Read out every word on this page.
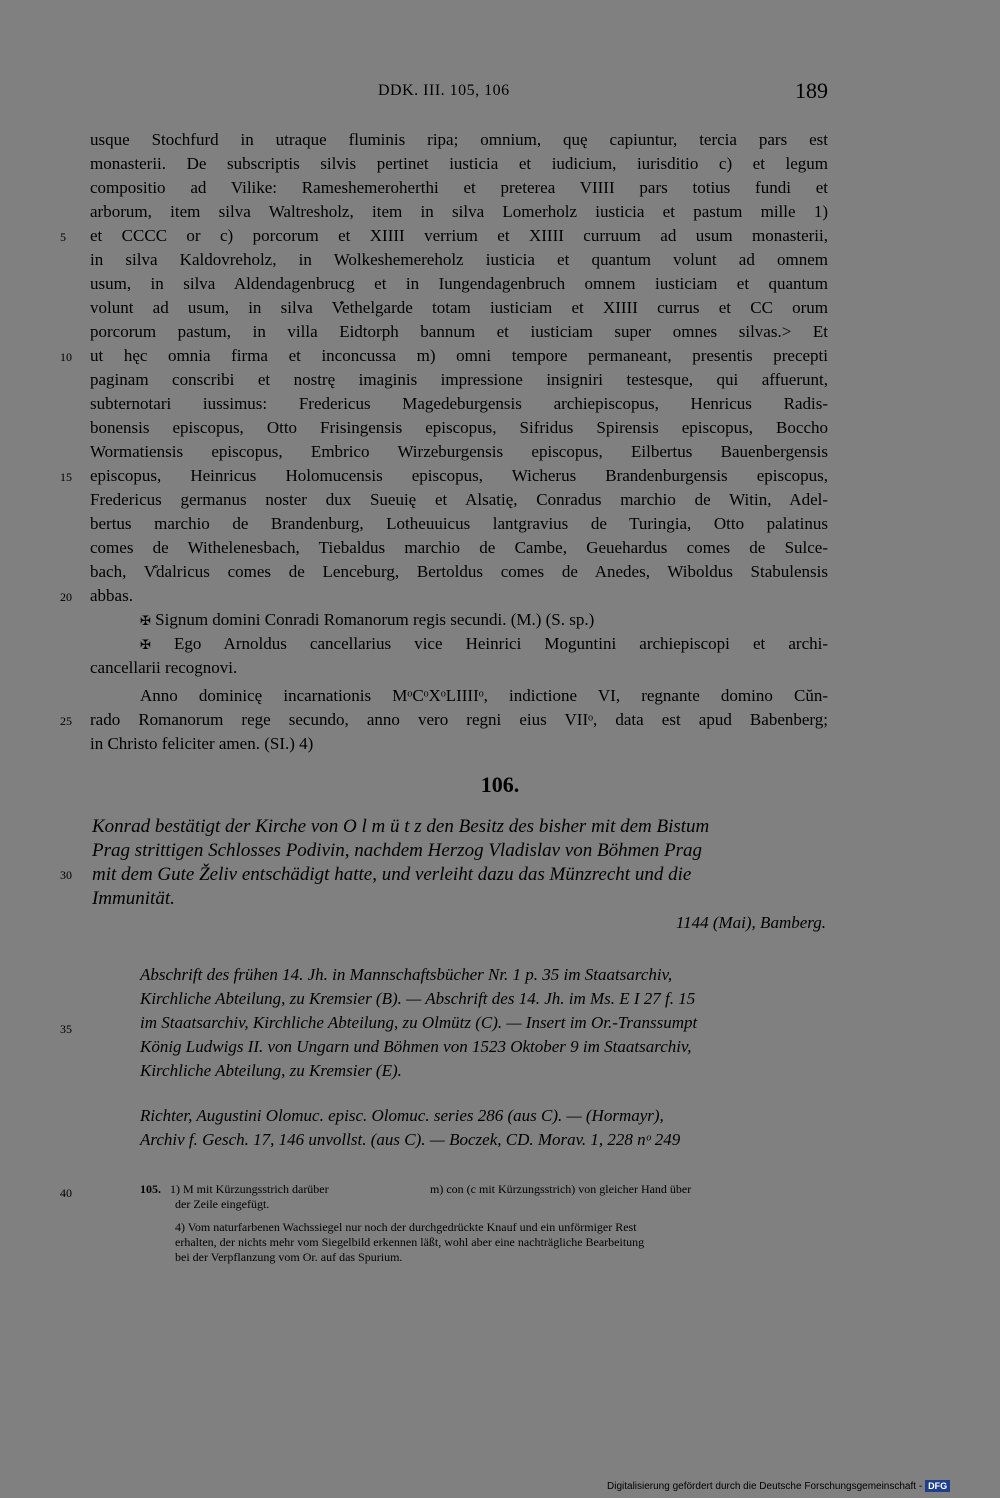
DDK. III. 105, 106	189
usque Stochfurd in utraque fluminis ripa; omnium, quę capiuntur, tercia pars est
monasterii. De subscriptis silvis pertinet iusticia et iudicium, iurisditio c) et legum
compositio ad Vilike: Rameshemeroherthi et preterea VIIII pars totius fundi et
arborum, item silva Waltresholz, item in silva Lomerholz iusticia et pastum mille 1)
et CCCC or c) porcorum et XIIII verrium et XIIII curruum ad usum monasterii,
in silva Kaldovreholz, in Wolkeshemereholz iusticia et quantum volunt ad omnem
usum, in silva Aldendagenbrucg et in Iungendagenbruch omnem iusticiam et quantum
volunt ad usum, in silva V̊ethelgarde totam iusticiam et XIIII currus et CC orum
porcorum pastum, in villa Eidtorph bannum et iusticiam super omnes silvas.> Et
ut hęc omnia firma et inconcussa m) omni tempore permaneant, presentis precepti
paginam conscribi et nostrę imaginis impressione insigniri testesque, qui affuerunt,
subternotari iussimus: Fredericus Magedeburgensis archiepiscopus, Henricus Radis-
bonensis episcopus, Otto Frisingensis episcopus, Sifridus Spirensis episcopus, Boccho
Wormatiensis episcopus, Embrico Wirzeburgensis episcopus, Eilbertus Bauenbergensis
episcopus, Heinricus Holomucensis episcopus, Wicherus Brandenburgensis episcopus,
Fredericus germanus noster dux Sueuię et Alsatię, Conradus marchio de Witin, Adel-
bertus marchio de Brandenburg, Lotheuuicus lantgravius de Turingia, Otto palatinus
comes de Withelenesbach, Tiebaldus marchio de Cambe, Geuehardus comes de Sulce-
bach, V̊dalricus comes de Lenceburg, Bertoldus comes de Anedes, Wiboldus Stabulensis
abbas.
✠ Signum domini Conradi Romanorum regis secundi. (M.) (S. sp.)
✠ Ego Arnoldus cancellarius vice Heinrici Moguntini archiepiscopi et archi-
cancellarii recognovi.
Anno dominicę incarnationis MᵒCᵒXᵒLIIIIᵒ, indictione VI, regnante domino Cŭn-
rado Romanorum rege secundo, anno vero regni eius VIIᵒ, data est apud Babenberg;
in Christo feliciter amen. (SI.) 4)
5
10
15
20
25
30
35
40
106.
Konrad bestätigt der Kirche von O l m ü t z den Besitz des bisher mit dem Bistum
Prag strittigen Schlosses Podivin, nachdem Herzog Vladislav von Böhmen Prag
mit dem Gute Želiv entschädigt hatte, und verleiht dazu das Münzrecht und die
Immunität.
1144 (Mai), Bamberg.
Abschrift des frühen 14. Jh. in Mannschaftsbücher Nr. 1 p. 35 im Staatsarchiv,
Kirchliche Abteilung, zu Kremsier (B). — Abschrift des 14. Jh. im Ms. E I 27 f. 15
im Staatsarchiv, Kirchliche Abteilung, zu Olmütz (C). — Insert im Or.-Transsumpt
König Ludwigs II. von Ungarn und Böhmen von 1523 Oktober 9 im Staatsarchiv,
Kirchliche Abteilung, zu Kremsier (E).
Richter, Augustini Olomuc. episc. Olomuc. series 286 (aus C). — (Hormayr),
Archiv f. Gesch. 17, 146 unvollst. (aus C). — Boczek, CD. Morav. 1, 228 nᵒ 249
105. 1) M mit Kürzungsstrich darüber	m) con (c mit Kürzungsstrich) von gleicher Hand über
der Zeile eingefügt.
4) Vom naturfarbenen Wachssiegel nur noch der durchgedrückte Knauf und ein unförmiger Rest
erhalten, der nichts mehr vom Siegelbild erkennen läßt, wohl aber eine nachträgliche Bearbeitung
bei der Verpflanzung vom Or. auf das Spurium.
Digitalisierung gefördert durch die Deutsche Forschungsgemeinschaft - DFG
